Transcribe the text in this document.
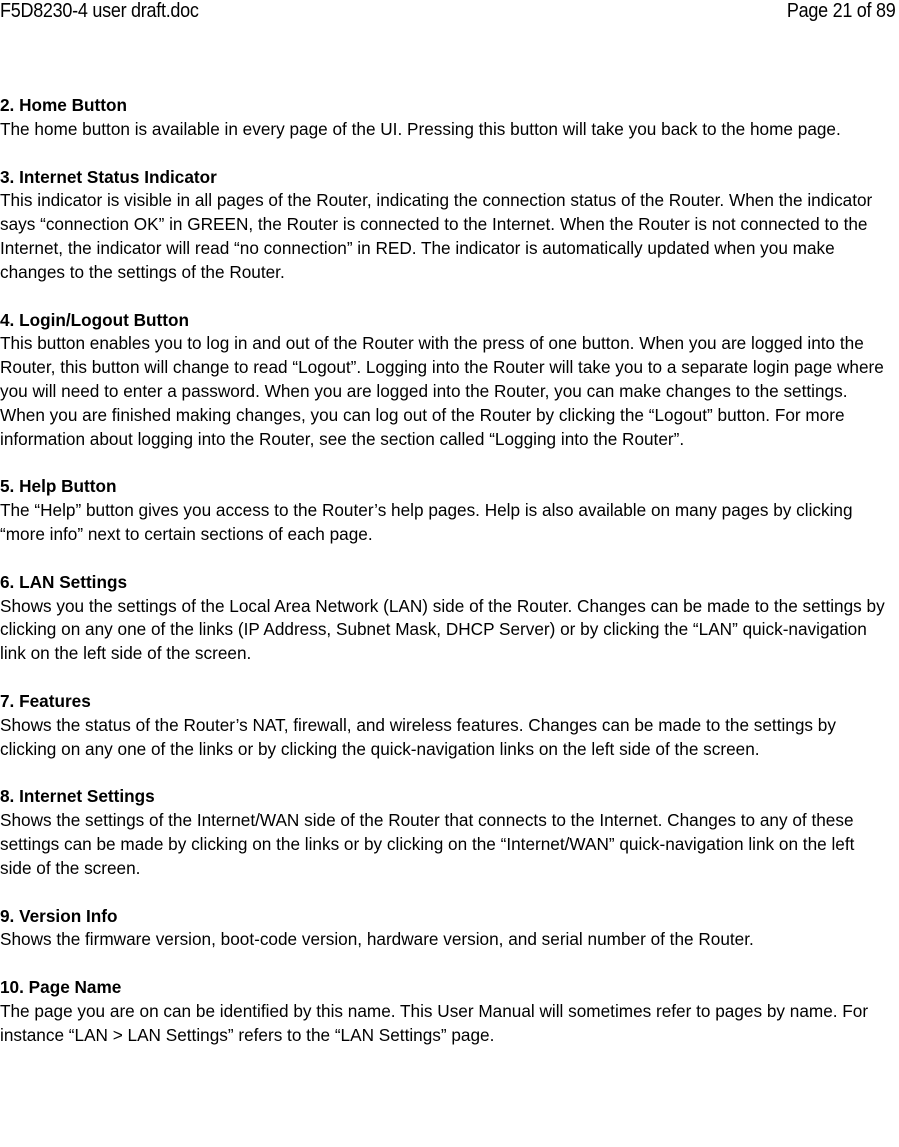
F5D8230-4 user draft.doc	Page 21 of 89

2. Home Button

The home button is available in every page of the UI. Pressing this button will take you back to the home page.

3. Internet Status Indicator

This indicator is visible in all pages of the Router, indicating the connection status of the Router. When the indicator says “connection OK” in GREEN, the Router is connected to the Internet. When the Router is not connected to the Internet, the indicator will read “no connection” in RED. The indicator is automatically updated when you make changes to the settings of the Router.

4. Login/Logout Button

This button enables you to log in and out of the Router with the press of one button. When you are logged into the Router, this button will change to read “Logout”. Logging into the Router will take you to a separate login page where you will need to enter a password. When you are logged into the Router, you can make changes to the settings. When you are finished making changes, you can log out of the Router by clicking the “Logout” button. For more information about logging into the Router, see the section called “Logging into the Router”.

5. Help Button

The “Help” button gives you access to the Router’s help pages. Help is also available on many pages by clicking “more info” next to certain sections of each page.

6. LAN Settings

Shows you the settings of the Local Area Network (LAN) side of the Router. Changes can be made to the settings by clicking on any one of the links (IP Address, Subnet Mask, DHCP Server) or by clicking the “LAN” quick-navigation link on the left side of the screen.

7. Features

Shows the status of the Router’s NAT, firewall, and wireless features. Changes can be made to the settings by clicking on any one of the links or by clicking the quick-navigation links on the left side of the screen.

8. Internet Settings

Shows the settings of the Internet/WAN side of the Router that connects to the Internet. Changes to any of these settings can be made by clicking on the links or by clicking on the “Internet/WAN” quick-navigation link on the left side of the screen.

9. Version Info

Shows the firmware version, boot-code version, hardware version, and serial number of the Router.

10. Page Name

The page you are on can be identified by this name. This User Manual will sometimes refer to pages by name. For instance “LAN > LAN Settings” refers to the “LAN Settings” page.
